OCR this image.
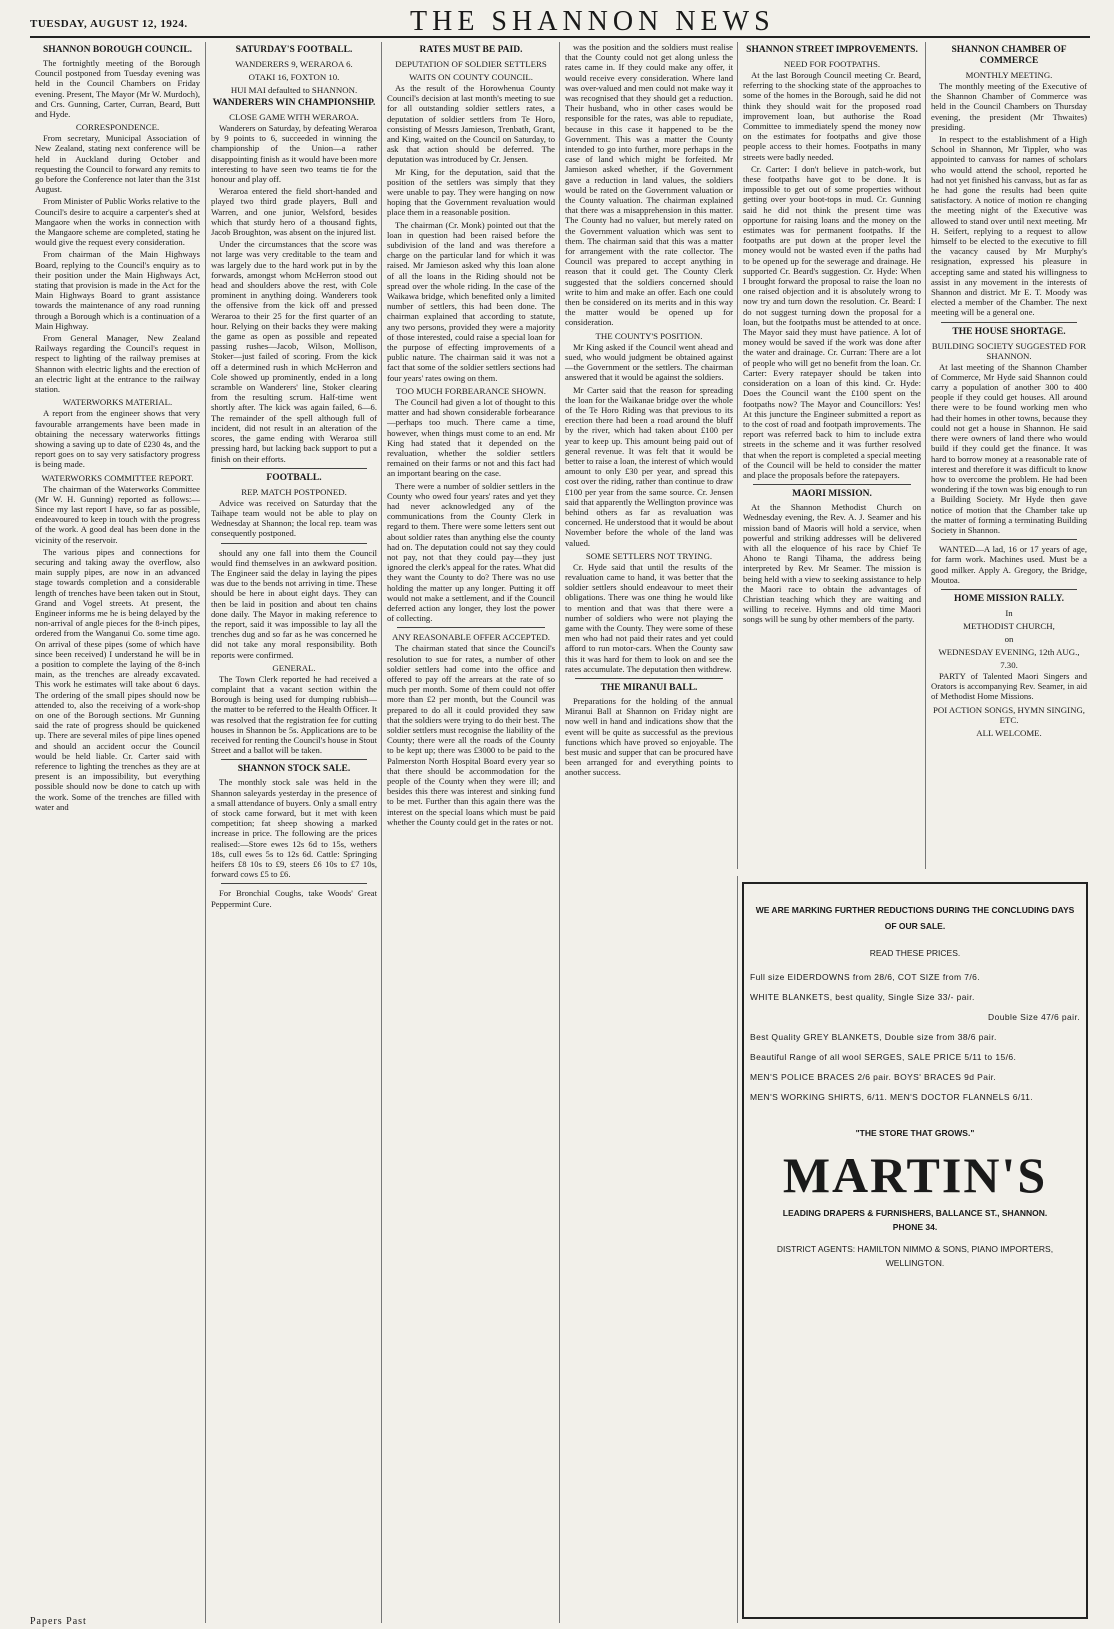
TUESDAY, AUGUST 12, 1924.	THE SHANNON NEWS
SHANNON BOROUGH COUNCIL.

The fortnightly meeting of the Borough Council postponed from Tuesday evening was held in the Council Chambers on Friday evening. Present, The Mayor (Mr W. Murdoch), and Crs. Gunning, Carter, Curran, Beard, Butt and Hyde.

CORRESPONDENCE.

From secretary, Municipal Association of New Zealand, stating next conference will be held in Auckland during October and requesting the Council to forward any remits to go before the Conference not later than the 31st August.

From Minister of Public Works relative to the Council's desire to acquire a carpenter's shed at Mangaore when the works in connection with the Mangaore scheme are completed, stating he would give the request every consideration.

From chairman of the Main Highways Board, replying to the Council's enquiry as to their position under the Main Highways Act, stating that provision is made in the Act for the Main Highways Board to grant assistance towards the maintenance of any road running through a Borough which is a continuation of a Main Highway.

From General Manager, New Zealand Railways regarding the Council's request in respect to lighting of the railway premises at Shannon with electric lights and the erection of an electric light at the entrance to the railway station.

WATERWORKS MATERIAL.

A report from the engineer shows that very favourable arrangements have been made in obtaining the necessary waterworks fittings showing a saving up to date of £230 4s, and the report goes on to say very satisfactory progress is being made.

WATERWORKS COMMITTEE REPORT.

The chairman of the Waterworks Committee (Mr W. H. Gunning) reported as follows:—Since my last report I have, so far as possible, endeavoured to keep in touch with the progress of the work. A good deal has been done in the vicinity of the reservoir.

The various pipes and connections for securing and taking away the overflow, also main supply pipes, are now in an advanced stage towards completion and a considerable length of trenches have been taken out in Stout, Grand and Vogel streets. At present, the Engineer informs me he is being delayed by the non-arrival of angle pieces for the 8-inch pipes, ordered from the Wanganui Co. some time ago. On arrival of these pipes (some of which have since been received) I understand he will be in a position to complete the laying of the 8-inch main, as the trenches are already excavated. This work he estimates will take about 6 days. The ordering of the small pipes should now be attended to, also the receiving of a work-shop on one of the Borough sections. Mr Gunning said the rate of progress should be quickened up. There are several miles of pipe lines opened and should an accident occur the Council would be held liable. Cr. Carter said with reference to lighting the trenches as they are at present is an impossibility, but everything possible should now be done to catch up with the work. Some of the trenches are filled with water and

SATURDAY'S FOOTBALL.
WANDERERS 9, WERAROA 6.
OTAKI 16, FOXTON 10.
HUI MAI defaulted to SHANNON.
WANDERERS WIN CHAMPIONSHIP.
CLOSE GAME WITH WERAROA.

Wanderers on Saturday, by defeating Weraroa by 9 points to 6, succeeded in winning the championship of the Union—a rather disappointing finish as it would have been more interesting to have seen two teams tie for the honour and play off.

Weraroa entered the field short-handed and played two third grade players, Bull and Warren, and one junior, Welsford, besides which that sturdy hero of a thousand fights, Jacob Broughton, was absent on the injured list.

Under the circumstances that the score was not large was very creditable to the team and was largely due to the hard work put in by the forwards, amongst whom McHerron stood out head and shoulders above the rest, with Cole prominent in anything doing. Wanderers took the offensive from the kick off and pressed Weraroa to their 25 for the first quarter of an hour. Relying on their backs they were making the game as open as possible and repeated passing rushes—Jacob, Wilson, Mollison, Stoker—just failed of scoring. From the kick off a determined rush in which McHerron and Cole showed up prominently, ended in a long scramble on Wanderers' line, Stoker clearing from the resulting scrum. Half-time went shortly after. The kick was again failed, 6—6. The remainder of the spell although full of incident, did not result in an alteration of the scores, the game ending with Weraroa still pressing hard, but lacking back support to put a finish on their efforts.

FOOTBALL.
REP. MATCH POSTPONED.

Advice was received on Saturday that the Taihape team would not be able to play on Wednesday at Shannon; the local rep. team was consequently postponed.

should any one fall into them the Council would find themselves in an awkward position. The Engineer said the delay in laying the pipes was due to the bends not arriving in time. These should be here in about eight days. They can then be laid in position and about ten chains done daily. The Mayor in making reference to the report, said it was impossible to lay all the trenches dug and so far as he was concerned he did not take any moral responsibility. Both reports were confirmed.

GENERAL.

The Town Clerk reported he had received a complaint that a vacant section within the Borough is being used for dumping rubbish—the matter to be referred to the Health Officer. It was resolved that the registration fee for cutting houses in Shannon be 5s. Applications are to be received for renting the Council's house in Stout Street and a ballot will be taken.

SHANNON STOCK SALE.

The monthly stock sale was held in the Shannon saleyards yesterday in the presence of a small attendance of buyers. Only a small entry of stock came forward, but it met with keen competition; fat sheep showing a marked increase in price. The following are the prices realised:—Store ewes 12s 6d to 15s, wethers 18s, cull ewes 5s to 12s 6d. Cattle: Springing heifers £8 10s to £9, steers £6 10s to £7 10s, forward cows £5 to £6.

For Bronchial Coughs, take Woods' Great Peppermint Cure.

RATES MUST BE PAID.
DEPUTATION OF SOLDIER SETTLERS
WAITS ON COUNTY COUNCIL.

As the result of the Horowhenua County Council's decision at last month's meeting to sue for all outstanding soldier settlers rates, a deputation of soldier settlers from Te Horo, consisting of Messrs Jamieson, Trenbath, Grant, and King, waited on the Council on Saturday, to ask that action should be deferred. The deputation was introduced by Cr. Jensen.

Mr King, for the deputation, said that the position of the settlers was simply that they were unable to pay. They were hanging on now hoping that the Government revaluation would place them in a reasonable position.

The chairman (Cr. Monk) pointed out that the loan in question had been raised before the subdivision of the land and was therefore a charge on the particular land for which it was raised. Mr Jamieson asked why this loan alone of all the loans in the Riding should not be spread over the whole riding. In the case of the Waikawa bridge, which benefited only a limited number of settlers, this had been done. The chairman explained that according to statute, any two persons, provided they were a majority of those interested, could raise a special loan for the purpose of effecting improvements of a public nature. The chairman said it was not a fact that some of the soldier settlers sections had four years' rates owing on them.

TOO MUCH FORBEARANCE SHOWN.

The Council had given a lot of thought to this matter and had shown considerable forbearance—perhaps too much. There came a time, however, when things must come to an end. Mr King had stated that it depended on the revaluation, whether the soldier settlers remained on their farms or not and this fact had an important bearing on the case.

There were a number of soldier settlers in the County who owed four years' rates and yet they had never acknowledged any of the communications from the County Clerk in regard to them. There were some letters sent out about soldier rates than anything else the county had on. The deputation could not say they could not pay, not that they could pay—they just ignored the clerk's appeal for the rates. What did they want the County to do? There was no use holding the matter up any longer. Putting it off would not make a settlement, and if the Council deferred action any longer, they lost the power of collecting.

ANY REASONABLE OFFER ACCEPTED.

The chairman stated that since the Council's resolution to sue for rates, a number of other soldier settlers had come into the office and offered to pay off the arrears at the rate of so much per month. Some of them could not offer more than £2 per month, but the Council was prepared to do all it could provided they saw that the soldiers were trying to do their best. The soldier settlers must recognise the liability of the County; there were all the roads of the County to be kept up; there was £3000 to be paid to the Palmerston North Hospital Board every year so that there should be accommodation for the people of the County when they were ill; and besides this there was interest and sinking fund to be met. Further than this again there was the interest on the special loans which must be paid whether the County could get in the rates or not.

was the position and the soldiers must realise that the County could not get along unless the rates came in. If they could make any offer, it would receive every consideration. Where land was over-valued and men could not make way it was recognised that they should get a reduction. Their husband, who in other cases would be responsible for the rates, was able to repudiate, because in this case it happened to be the Government. This was a matter the County intended to go into further, more perhaps in the case of land which might be forfeited. Mr Jamieson asked whether, if the Government gave a reduction in land values, the soldiers would be rated on the Government valuation or the County valuation. The chairman explained that there was a misapprehension in this matter. The County had no valuer, but merely rated on the Government valuation which was sent to them. The chairman said that this was a matter for arrangement with the rate collector. The Council was prepared to accept anything in reason that it could get. The County Clerk suggested that the soldiers concerned should write to him and make an offer. Each one could then be considered on its merits and in this way the matter would be opened up for consideration.

THE COUNTY'S POSITION.

Mr King asked if the Council went ahead and sued, who would judgment be obtained against—the Government or the settlers. The chairman answered that it would be against the soldiers.

Mr Carter said that the reason for spreading the loan for the Waikanae bridge over the whole of the Te Horo Riding was that previous to its erection there had been a road around the bluff by the river, which had taken about £100 per year to keep up. This amount being paid out of general revenue. It was felt that it would be better to raise a loan, the interest of which would amount to only £30 per year, and spread this cost over the riding, rather than continue to draw £100 per year from the same source. Cr. Jensen said that apparently the Wellington province was behind others as far as revaluation was concerned. He understood that it would be about November before the whole of the land was valued.

SOME SETTLERS NOT TRYING.

Cr. Hyde said that until the results of the revaluation came to hand, it was better that the soldier settlers should endeavour to meet their obligations. There was one thing he would like to mention and that was that there were a number of soldiers who were not playing the game with the County. They were some of these men who had not paid their rates and yet could afford to run motor-cars. When the County saw this it was hard for them to look on and see the rates accumulate. The deputation then withdrew.

THE MIRANUI BALL.

Preparations for the holding of the annual Miranui Ball at Shannon on Friday night are now well in hand and indications show that the event will be quite as successful as the previous functions which have proved so enjoyable. The best music and supper that can be procured have been arranged for and everything points to another success.

SHANNON STREET IMPROVEMENTS.
NEED FOR FOOTPATHS.

At the last Borough Council meeting Cr. Beard, referring to the shocking state of the approaches to some of the homes in the Borough, said he did not think they should wait for the proposed road improvement loan, but authorise the Road Committee to immediately spend the money now on the estimates for footpaths and give those people access to their homes. Footpaths in many streets were badly needed.

Cr. Carter: I don't believe in patch-work, but these footpaths have got to be done. It is impossible to get out of some properties without getting over your boot-tops in mud. Cr. Gunning said he did not think the present time was opportune for raising loans and the money on the estimates was for permanent footpaths. If the footpaths are put down at the proper level the money would not be wasted even if the paths had to be opened up for the sewerage and drainage. He supported Cr. Beard's suggestion. Cr. Hyde: When I brought forward the proposal to raise the loan no one raised objection and it is absolutely wrong to now try and turn down the resolution. Cr. Beard: I do not suggest turning down the proposal for a loan, but the footpaths must be attended to at once. The Mayor said they must have patience. A lot of money would be saved if the work was done after the water and drainage. Cr. Curran: There are a lot of people who will get no benefit from the loan. Cr. Carter: Every ratepayer should be taken into consideration on a loan of this kind. Cr. Hyde: Does the Council want the £100 spent on the footpaths now? The Mayor and Councillors: Yes! At this juncture the Engineer submitted a report as to the cost of road and footpath improvements. The report was referred back to him to include extra streets in the scheme and it was further resolved that when the report is completed a special meeting of the Council will be held to consider the matter and place the proposals before the ratepayers.

MAORI MISSION.

At the Shannon Methodist Church on Wednesday evening, the Rev. A. J. Seamer and his mission band of Maoris will hold a service, when powerful and striking addresses will be delivered with all the eloquence of his race by Chief Te Ahono te Rangi Tihama, the address being interpreted by Rev. Mr Seamer. The mission is being held with a view to seeking assistance to help the Maori race to obtain the advantages of Christian teaching which they are waiting and willing to receive. Hymns and old time Maori songs will be sung by other members of the party.

SHANNON CHAMBER OF COMMERCE
MONTHLY MEETING.

The monthly meeting of the Executive of the Shannon Chamber of Commerce was held in the Council Chambers on Thursday evening, the president (Mr Thwaites) presiding.

In respect to the establishment of a High School in Shannon, Mr Tippler, who was appointed to canvass for names of scholars who would attend the school, reported he had not yet finished his canvass, but as far as he had gone the results had been quite satisfactory. A notice of motion re changing the meeting night of the Executive was allowed to stand over until next meeting. Mr H. Seifert, replying to a request to allow himself to be elected to the executive to fill the vacancy caused by Mr Murphy's resignation, expressed his pleasure in accepting same and stated his willingness to assist in any movement in the interests of Shannon and district. Mr E. T. Moody was elected a member of the Chamber. The next meeting will be a general one.

THE HOUSE SHORTAGE.
BUILDING SOCIETY SUGGESTED FOR SHANNON.

At last meeting of the Shannon Chamber of Commerce, Mr Hyde said Shannon could carry a population of another 300 to 400 people if they could get houses. All around there were to be found working men who had their homes in other towns, because they could not get a house in Shannon. He said there were owners of land there who would build if they could get the finance. It was hard to borrow money at a reasonable rate of interest and therefore it was difficult to know how to overcome the problem. He had been wondering if the town was big enough to run a Building Society. Mr Hyde then gave notice of motion that the Chamber take up the matter of forming a terminating Building Society in Shannon.

WANTED—A lad, 16 or 17 years of age, for farm work. Machines used. Must be a good milker. Apply A. Gregory, the Bridge, Moutoa.

HOME MISSION RALLY.
In
METHODIST CHURCH,
on
WEDNESDAY EVENING, 12th AUG.,
7.30.

PARTY of Talented Maori Singers and Orators is accompanying Rev. Seamer, in aid of Methodist Home Missions.

POI ACTION SONGS, HYMN SINGING, ETC.
ALL WELCOME.
WE ARE MARKING FURTHER REDUCTIONS DURING THE CONCLUDING DAYS OF OUR SALE.
READ THESE PRICES.
Full size EIDERDOWNS from 28/6, COT SIZE from 7/6.
WHITE BLANKETS, best quality, Single Size 33/- pair.
Double Size 47/6 pair.
Best Quality GREY BLANKETS, Double size from 38/6 pair.
Beautiful Range of all wool SERGES, SALE PRICE 5/11 to 15/6.
MEN'S POLICE BRACES 2/6 pair. BOYS' BRACES 9d Pair.
MEN'S WORKING SHIRTS, 6/11. MEN'S DOCTOR FLANNELS 6/11.
"THE STORE THAT GROWS."
MARTIN'S
LEADING DRAPERS & FURNISHERS, BALLANCE ST., SHANNON.
PHONE 34.
DISTRICT AGENTS: HAMILTON NIMMO & SONS, PIANO IMPORTERS, WELLINGTON.
Papers Past
